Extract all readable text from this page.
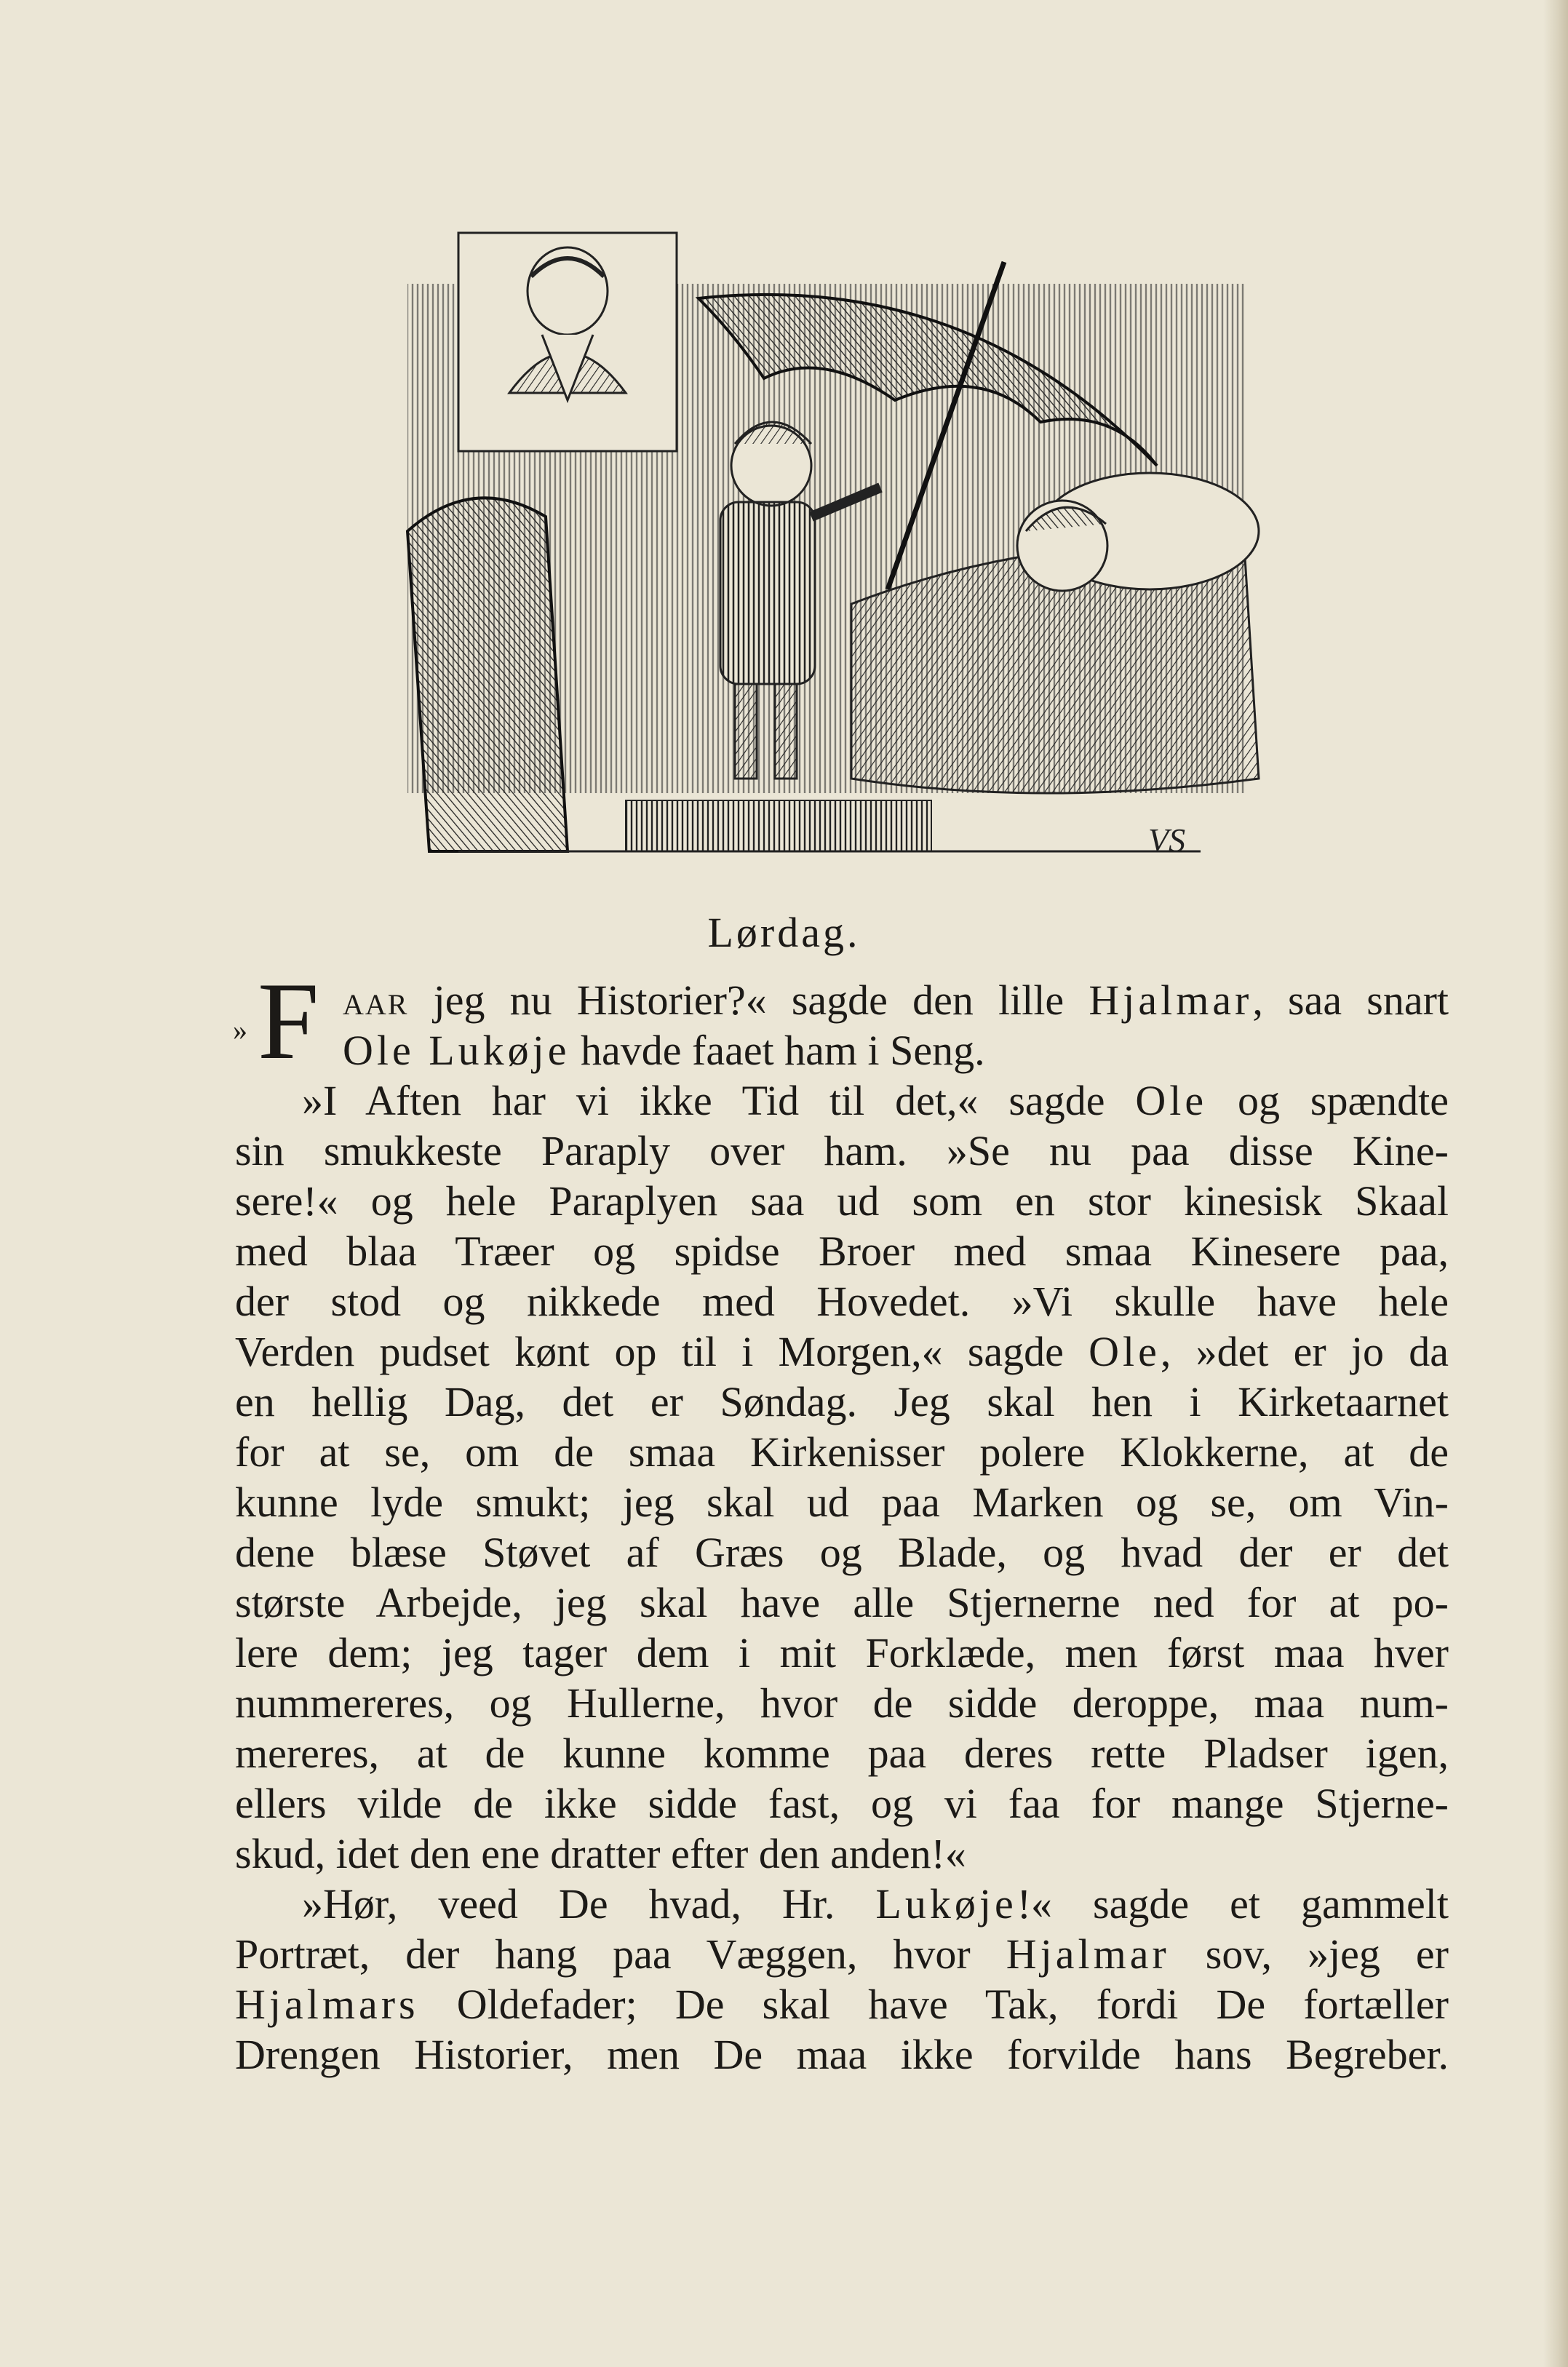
VS
Lørdag.
» F AAR jeg nu Historier?« sagde den lille Hjalmar, saa snart
Ole Lukøje havde faaet ham i Seng.
»I Aften har vi ikke Tid til det,« sagde Ole og spændte
sin smukkeste Paraply over ham. »Se nu paa disse Kine-
sere!« og hele Paraplyen saa ud som en stor kinesisk Skaal
med blaa Træer og spidse Broer med smaa Kinesere paa,
der stod og nikkede med Hovedet. »Vi skulle have hele
Verden pudset kønt op til i Morgen,« sagde Ole, »det er jo da
en hellig Dag, det er Søndag. Jeg skal hen i Kirketaarnet
for at se, om de smaa Kirkenisser polere Klokkerne, at de
kunne lyde smukt; jeg skal ud paa Marken og se, om Vin-
dene blæse Støvet af Græs og Blade, og hvad der er det
største Arbejde, jeg skal have alle Stjernerne ned for at po-
lere dem; jeg tager dem i mit Forklæde, men først maa hver
nummereres, og Hullerne, hvor de sidde deroppe, maa num-
mereres, at de kunne komme paa deres rette Pladser igen,
ellers vilde de ikke sidde fast, og vi faa for mange Stjerne-
skud, idet den ene dratter efter den anden!«
»Hør, veed De hvad, Hr. Lukøje!« sagde et gammelt
Portræt, der hang paa Væggen, hvor Hjalmar sov, »jeg er
Hjalmars Oldefader; De skal have Tak, fordi De fortæller
Drengen Historier, men De maa ikke forvilde hans Begreber.
